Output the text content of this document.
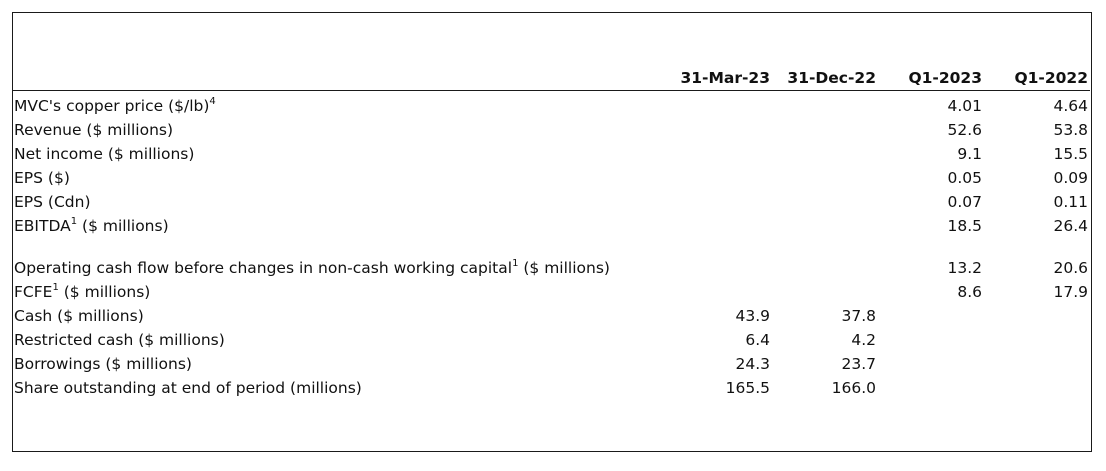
	31-Mar-23	31-Dec-22	Q1-2023	Q1-2022
MVC's copper price ($/lb)$^4$			4.01	4.64
Revenue ($ millions)			52.6	53.8
Net income ($ millions)			9.1	15.5
EPS ($)			0.05	0.09
EPS (Cdn)			0.07	0.11
EBITDA$^1$ ($ millions)			18.5	26.4
Operating cash flow before changes in non-cash working capital$^1$ ($ millions)			13.2	20.6
FCFE$^1$ ($ millions)			8.6	17.9
Cash ($ millions)	43.9	37.8		
Restricted cash ($ millions)	6.4	4.2		
Borrowings ($ millions)	24.3	23.7		
Share outstanding at end of period (millions)	165.5	166.0		
